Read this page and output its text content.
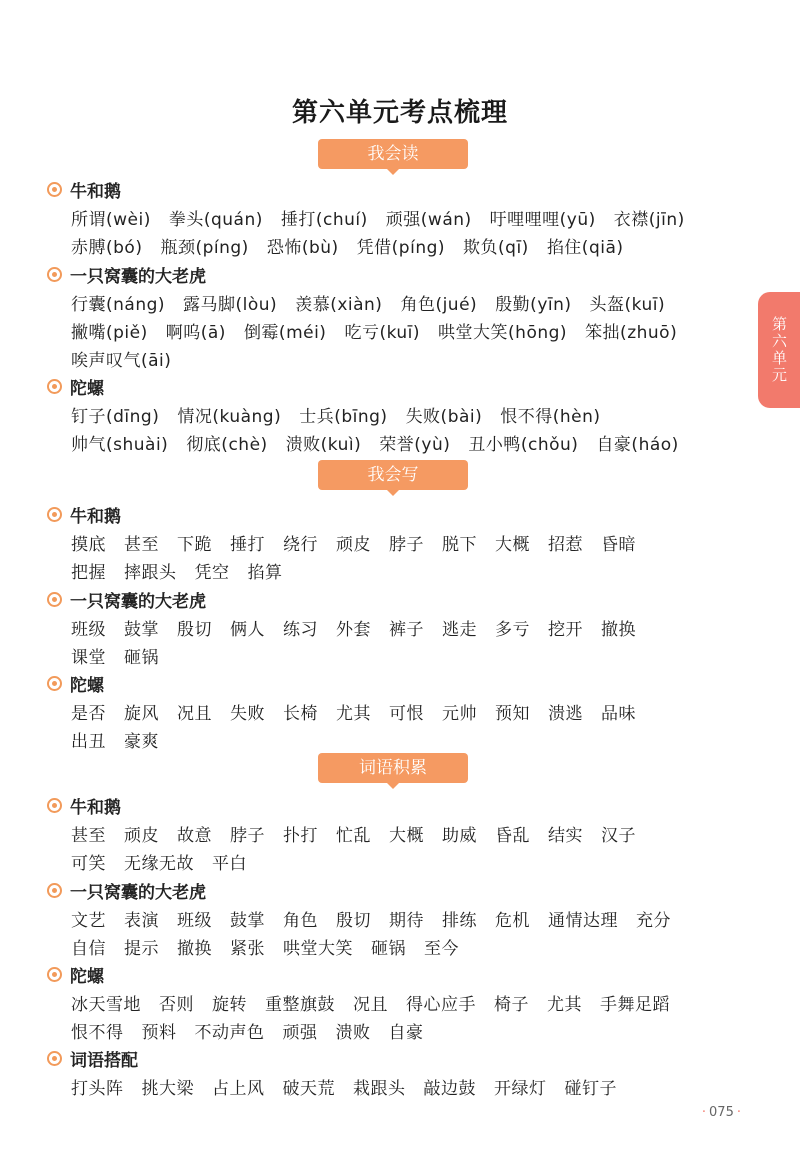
第六单元考点梳理
第六单元
我会读
牛和鹅
所谓(wèi) 拳头(quán) 捶打(chuí) 顽强(wán) 吁哩哩哩(yū) 衣襟(jīn)
赤膊(bó) 瓶颈(píng) 恐怖(bù) 凭借(píng) 欺负(qī) 掐住(qiā)
一只窝囊的大老虎
行囊(náng) 露马脚(lòu) 羡慕(xiàn) 角色(jué) 殷勤(yīn) 头盔(kuī)
撇嘴(piě) 啊呜(ā) 倒霉(méi) 吃亏(kuī) 哄堂大笑(hōng) 笨拙(zhuō)
唉声叹气(āi)
陀螺
钉子(dīng) 情况(kuàng) 士兵(bīng) 失败(bài) 恨不得(hèn)
帅气(shuài) 彻底(chè) 溃败(kuì) 荣誉(yù) 丑小鸭(chǒu) 自豪(háo)
我会写
牛和鹅
摸底 甚至 下跪 捶打 绕行 顽皮 脖子 脱下 大概 招惹 昏暗
把握 摔跟头 凭空 掐算
一只窝囊的大老虎
班级 鼓掌 殷切 俩人 练习 外套 裤子 逃走 多亏 挖开 撤换
课堂 砸锅
陀螺
是否 旋风 况且 失败 长椅 尤其 可恨 元帅 预知 溃逃 品味
出丑 豪爽
词语积累
牛和鹅
甚至 顽皮 故意 脖子 扑打 忙乱 大概 助威 昏乱 结实 汉子
可笑 无缘无故 平白
一只窝囊的大老虎
文艺 表演 班级 鼓掌 角色 殷切 期待 排练 危机 通情达理 充分
自信 提示 撤换 紧张 哄堂大笑 砸锅 至今
陀螺
冰天雪地 否则 旋转 重整旗鼓 况且 得心应手 椅子 尤其 手舞足蹈
恨不得 预料 不动声色 顽强 溃败 自豪
词语搭配
打头阵 挑大梁 占上风 破天荒 栽跟头 敲边鼓 开绿灯 碰钉子
· 075 ·
